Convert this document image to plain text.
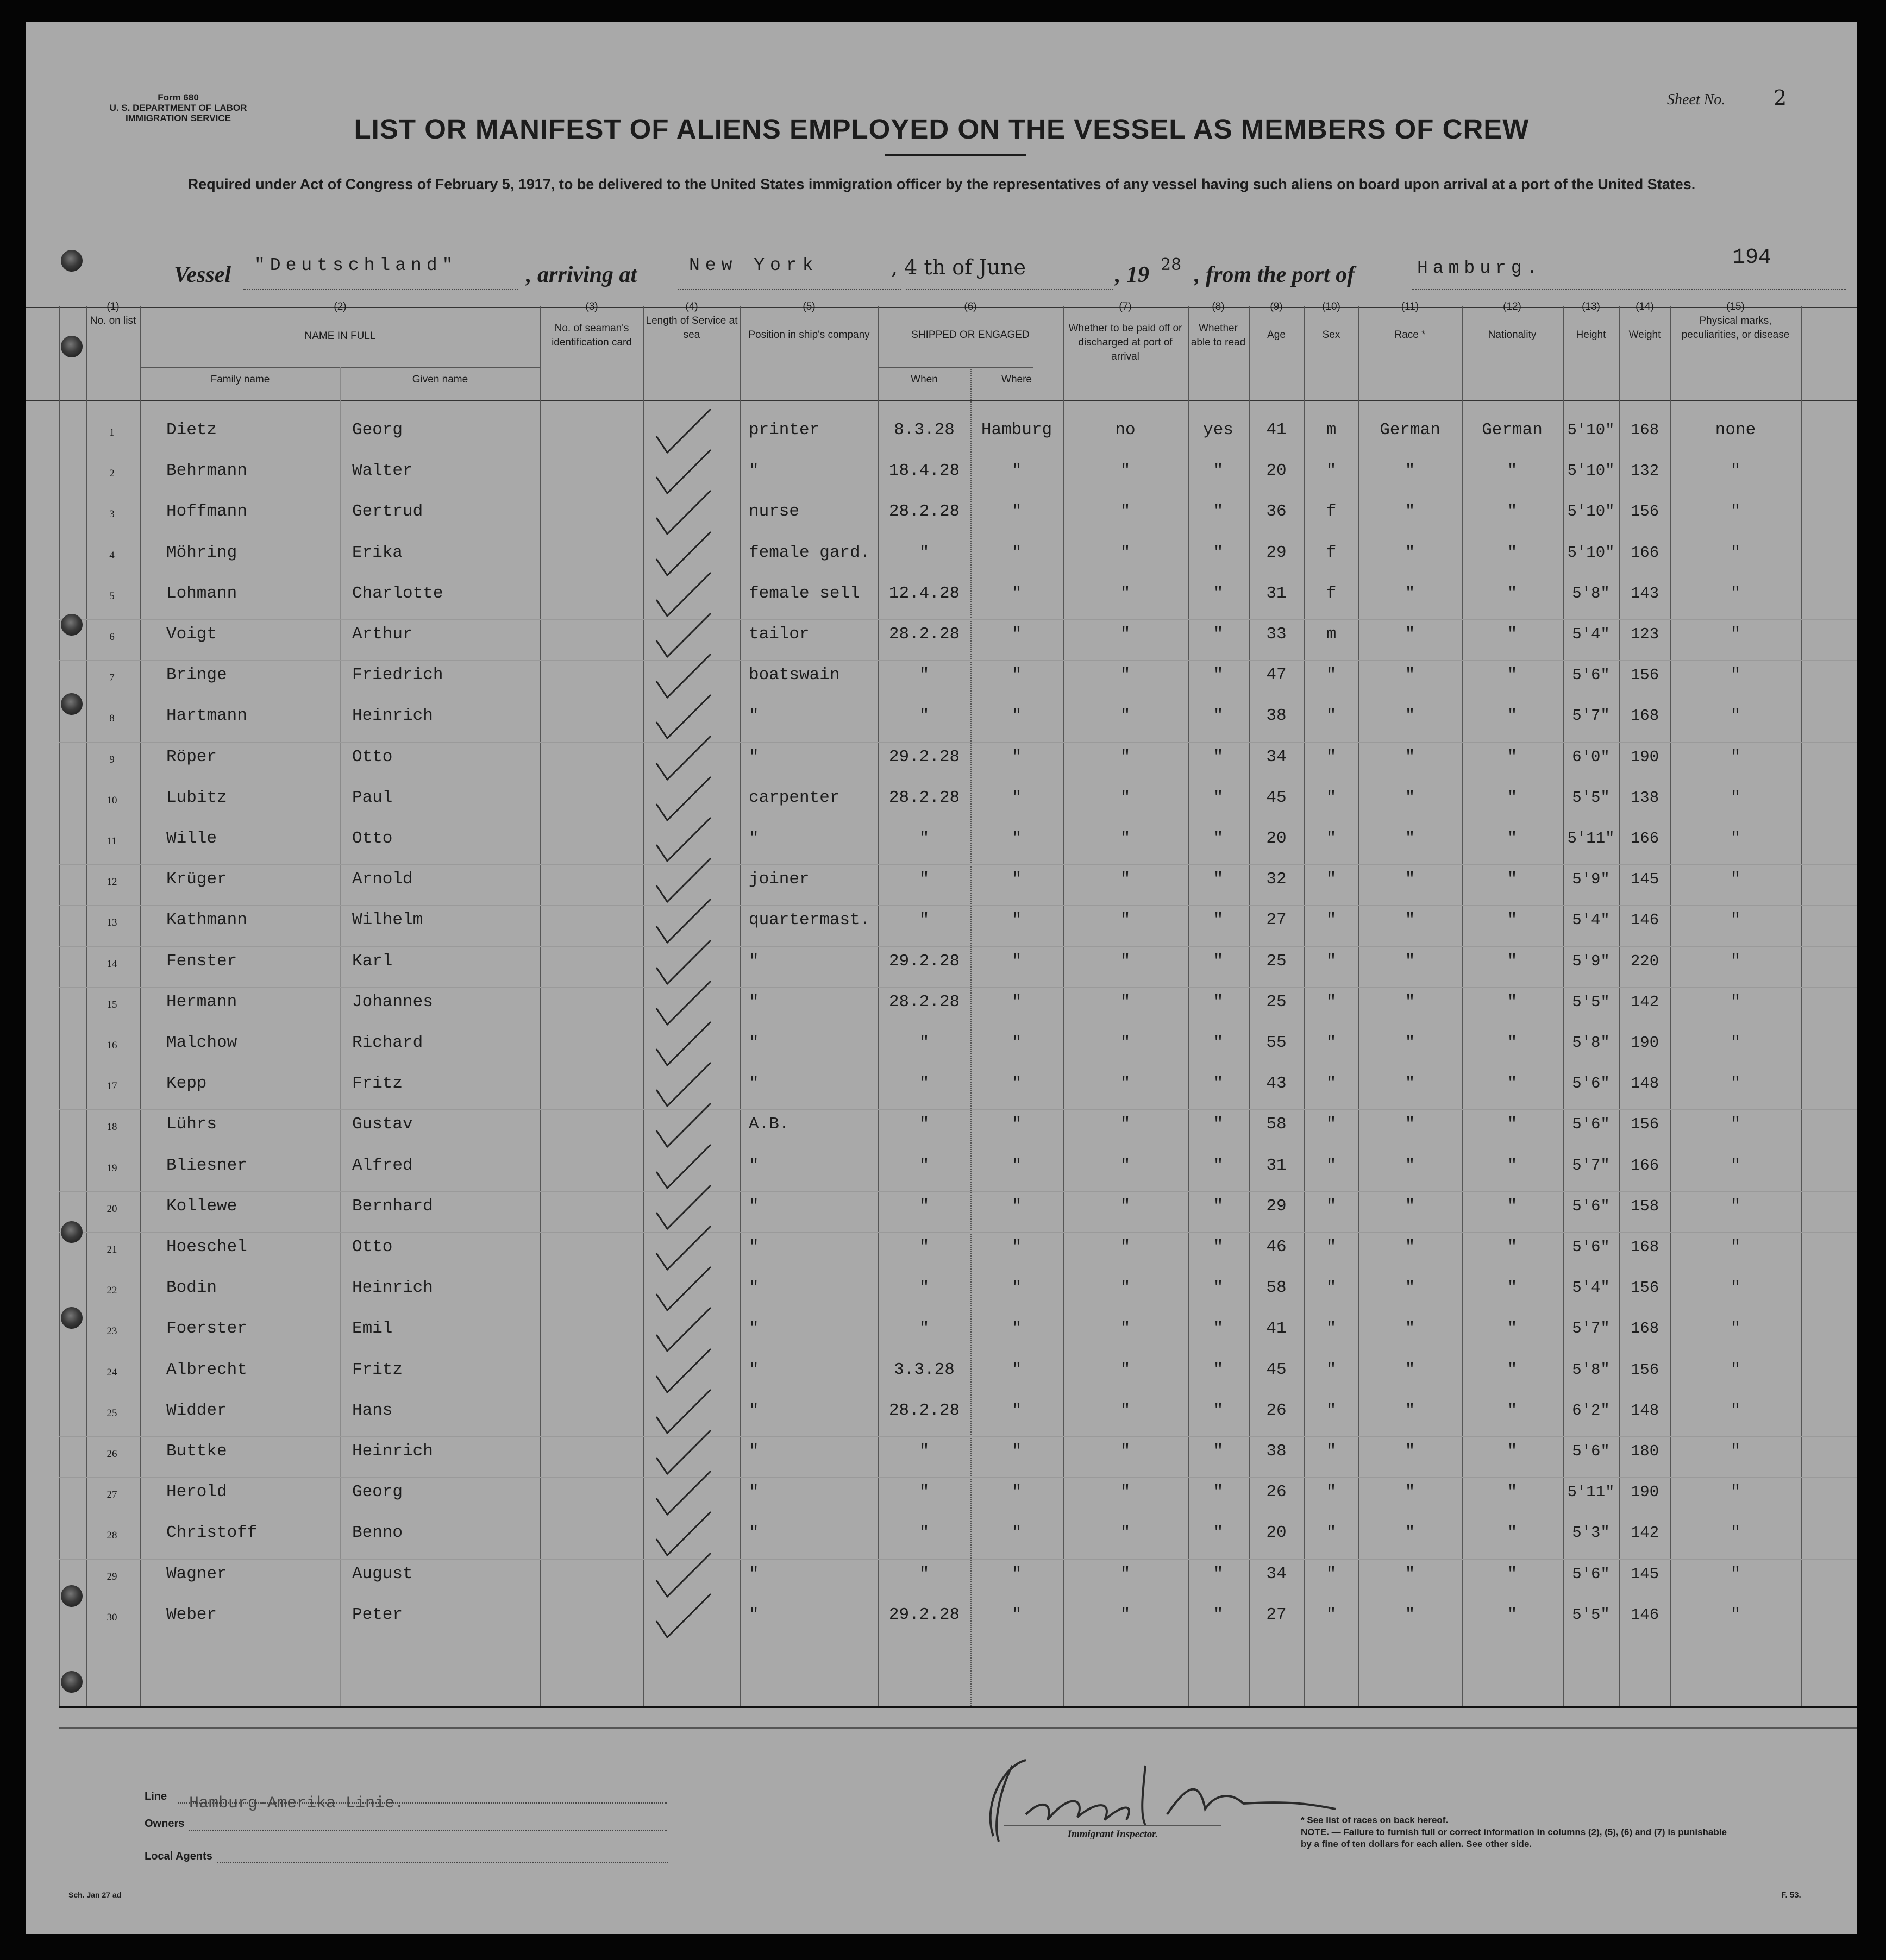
Form 680
U. S. DEPARTMENT OF LABOR
IMMIGRATION SERVICE
Sheet No. 2
LIST OR MANIFEST OF ALIENS EMPLOYED ON THE VESSEL AS MEMBERS OF CREW
Required under Act of Congress of February 5, 1917, to be delivered to the United States immigration officer by the representatives of any vessel having such aliens on board upon arrival at a port of the United States.
Vessel "Deutschland"	, arriving at	New York	, 4 th of June	, 19 28 , from the port of	Hamburg.	194
(1)
No. on list
(2)
NAME IN FULL
Family name	Given name
(3)
No. of seaman's identification card
(4)
Length of Service at sea
(5)
Position in ship's company
(6)
SHIPPED OR ENGAGED
When	Where
(7)
Whether to be paid off or discharged at port of arrival
(8)
Whether able to read
(9)
Age
(10)
Sex
(11)
Race *
(12)
Nationality
(13)
Height
(14)
Weight
(15)
Physical marks, peculiarities, or disease
1	Dietz	Georg	printer	8.3.28	Hamburg	no	yes	41	m	German	German	5'10"	168	none
2	Behrmann	Walter	"	18.4.28	"	"	"	20	"	"	"	5'10"	132	"
3	Hoffmann	Gertrud	nurse	28.2.28	"	"	"	36	f	"	"	5'10"	156	"
4	Möhring	Erika	female gard.	"	"	"	"	29	f	"	"	5'10"	166	"
5	Lohmann	Charlotte	female sell	12.4.28	"	"	"	31	f	"	"	5'8"	143	"
6	Voigt	Arthur	tailor	28.2.28	"	"	"	33	m	"	"	5'4"	123	"
7	Bringe	Friedrich	boatswain	"	"	"	"	47	"	"	"	5'6"	156	"
8	Hartmann	Heinrich	"	"	"	"	"	38	"	"	"	5'7"	168	"
9	Röper	Otto	"	29.2.28	"	"	"	34	"	"	"	6'0"	190	"
10	Lubitz	Paul	carpenter	28.2.28	"	"	"	45	"	"	"	5'5"	138	"
11	Wille	Otto	"	"	"	"	"	20	"	"	"	5'11"	166	"
12	Krüger	Arnold	joiner	"	"	"	"	32	"	"	"	5'9"	145	"
13	Kathmann	Wilhelm	quartermast.	"	"	"	"	27	"	"	"	5'4"	146	"
14	Fenster	Karl	"	29.2.28	"	"	"	25	"	"	"	5'9"	220	"
15	Hermann	Johannes	"	28.2.28	"	"	"	25	"	"	"	5'5"	142	"
16	Malchow	Richard	"	"	"	"	"	55	"	"	"	5'8"	190	"
17	Kepp	Fritz	"	"	"	"	"	43	"	"	"	5'6"	148	"
18	Lührs	Gustav	A.B.	"	"	"	"	58	"	"	"	5'6"	156	"
19	Bliesner	Alfred	"	"	"	"	"	31	"	"	"	5'7"	166	"
20	Kollewe	Bernhard	"	"	"	"	"	29	"	"	"	5'6"	158	"
21	Hoeschel	Otto	"	"	"	"	"	46	"	"	"	5'6"	168	"
22	Bodin	Heinrich	"	"	"	"	"	58	"	"	"	5'4"	156	"
23	Foerster	Emil	"	"	"	"	"	41	"	"	"	5'7"	168	"
24	Albrecht	Fritz	"	3.3.28	"	"	"	45	"	"	"	5'8"	156	"
25	Widder	Hans	"	28.2.28	"	"	"	26	"	"	"	6'2"	148	"
26	Buttke	Heinrich	"	"	"	"	"	38	"	"	"	5'6"	180	"
27	Herold	Georg	"	"	"	"	"	26	"	"	"	5'11"	190	"
28	Christoff	Benno	"	"	"	"	"	20	"	"	"	5'3"	142	"
29	Wagner	August	"	"	"	"	"	34	"	"	"	5'6"	145	"
30	Weber	Peter	"	29.2.28	"	"	"	27	"	"	"	5'5"	146	"
Line Hamburg-Amerika Linie.
Owners
Local Agents
Immigrant Inspector.
* See list of races on back hereof.
NOTE. — Failure to furnish full or correct information in columns (2), (5), (6) and (7) is punishable by a fine of ten dollars for each alien. See other side.
Sch. Jan 27 ad	F. 53.
